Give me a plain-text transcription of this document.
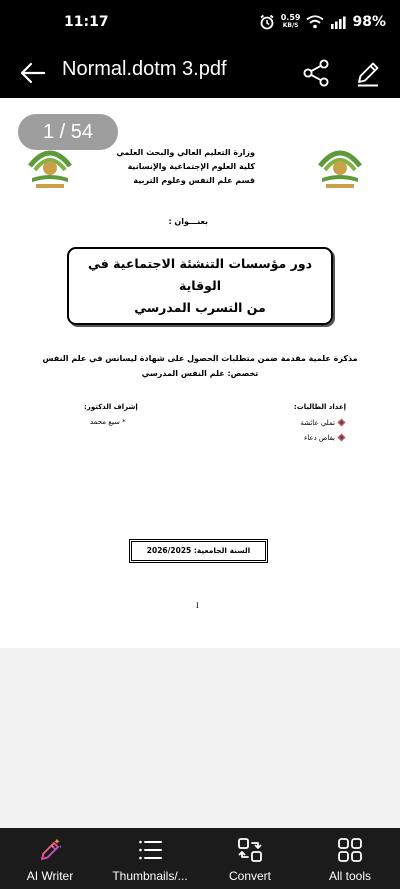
11:17	0.59
KB/S	98%
Normal.dotm 3.pdf
وزارة التعليم العالي والبحث العلمي
كلية العلوم الإجتماعية والإنسانية
قسم علم النفس وعلوم التربية
بعنـــوان :
دور مؤسسات التنشئة الاجتماعية في الوقاية
من التسرب المدرسي
مذكرة علمية مقدمة ضمن متطلبات الحصول على شهادة ليسانس في علم النفس
تخصص: علم النفس المدرسي
إعداد الطالبات:
تملي عائشة
بقاص دعاء
إشراف الدكتور:
* سيع محمد
السنة الجامعية: 2026/2025
I
1 / 54
AI Writer	Thumbnails/...	Convert	All tools
